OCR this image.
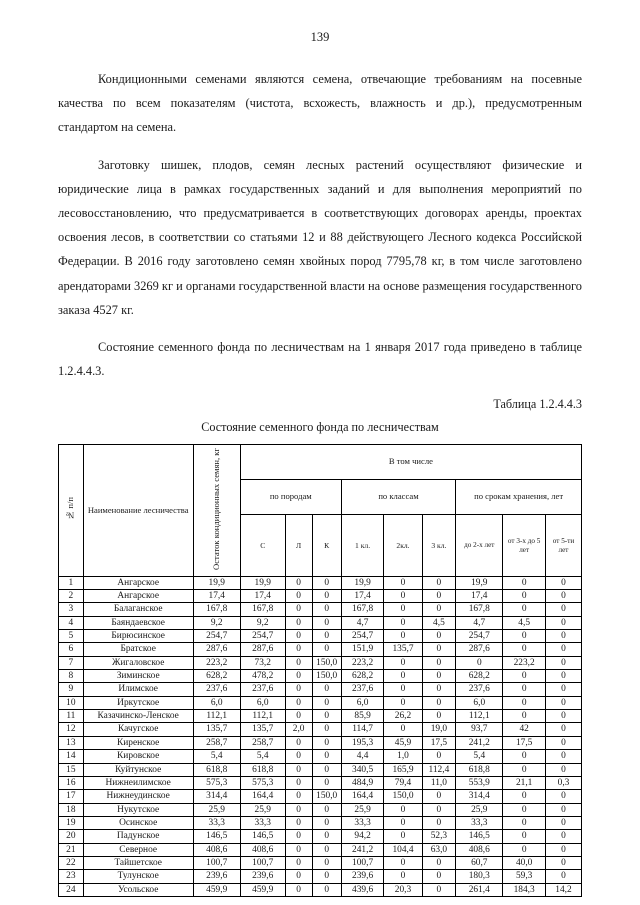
139

Кондиционными семенами являются семена, отвечающие требованиям на посевные качества по всем показателям (чистота, всхожесть, влажность и др.), предусмотренным стандартом на семена.

Заготовку шишек, плодов, семян лесных растений осуществляют физические и юридические лица в рамках государственных заданий и для выполнения мероприятий по лесовосстановлению, что предусматривается в соответствующих договорах аренды, проектах освоения лесов, в соответствии со статьями 12 и 88 действующего Лесного кодекса Российской Федерации. В 2016 году заготовлено семян хвойных пород 7795,78 кг, в том числе заготовлено арендаторами 3269 кг и органами государственной власти на основе размещения государственного заказа 4527 кг.

Состояние семенного фонда по лесничествам на 1 января 2017 года приведено в таблице 1.2.4.4.3.

Таблица 1.2.4.4.3
Состояние семенного фонда по лесничествам
№ п/п	Наименование лесничества	Остаток кондиционных семян, кг	В том числе								
			по породам			по классам			по срокам хранения, лет		
			С	Л	К	1 кл.	2кл.	3 кл.	до 2-х лет	от 3-х до 5 лет	от 5-ти лет
1	Ангарское	19,9	19,9	0	0	19,9	0	0	19,9	0	0
2	Ангарское	17,4	17,4	0	0	17,4	0	0	17,4	0	0
3	Балаганское	167,8	167,8	0	0	167,8	0	0	167,8	0	0
4	Баяндаевское	9,2	9,2	0	0	4,7	0	4,5	4,7	4,5	0
5	Бирюсинское	254,7	254,7	0	0	254,7	0	0	254,7	0	0
6	Братское	287,6	287,6	0	0	151,9	135,7	0	287,6	0	0
7	Жигаловское	223,2	73,2	0	150,0	223,2	0	0	0	223,2	0
8	Зиминское	628,2	478,2	0	150,0	628,2	0	0	628,2	0	0
9	Илимское	237,6	237,6	0	0	237,6	0	0	237,6	0	0
10	Иркутское	6,0	6,0	0	0	6,0	0	0	6,0	0	0
11	Казачинско-Ленское	112,1	112,1	0	0	85,9	26,2	0	112,1	0	0
12	Качугское	135,7	135,7	2,0	0	114,7	0	19,0	93,7	42	0
13	Киренское	258,7	258,7	0	0	195,3	45,9	17,5	241,2	17,5	0
14	Кировское	5,4	5,4	0	0	4,4	1,0	0	5,4	0	0
15	Куйтунское	618,8	618,8	0	0	340,5	165,9	112,4	618,8	0	0
16	Нижнеилимское	575,3	575,3	0	0	484,9	79,4	11,0	553,9	21,1	0,3
17	Нижнеудинское	314,4	164,4	0	150,0	164,4	150,0	0	314,4	0	0
18	Нукутское	25,9	25,9	0	0	25,9	0	0	25,9	0	0
19	Осинское	33,3	33,3	0	0	33,3	0	0	33,3	0	0
20	Падунское	146,5	146,5	0	0	94,2	0	52,3	146,5	0	0
21	Северное	408,6	408,6	0	0	241,2	104,4	63,0	408,6	0	0
22	Тайшетское	100,7	100,7	0	0	100,7	0	0	60,7	40,0	0
23	Тулунское	239,6	239,6	0	0	239,6	0	0	180,3	59,3	0
24	Усольское	459,9	459,9	0	0	439,6	20,3	0	261,4	184,3	14,2
